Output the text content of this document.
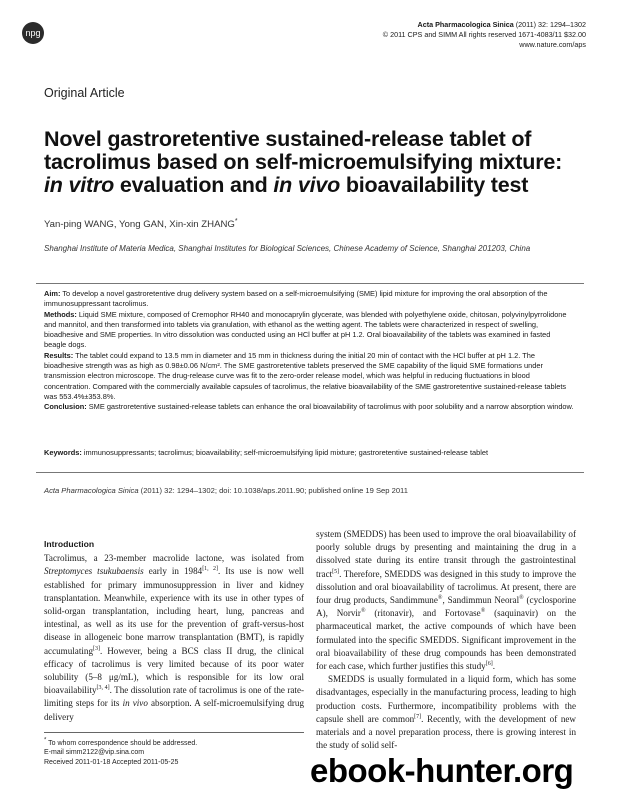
npg
Acta Pharmacologica Sinica (2011) 32: 1294–1302
© 2011 CPS and SIMM All rights reserved 1671-4083/11 $32.00
www.nature.com/aps
Original Article
Novel gastroretentive sustained-release tablet of
tacrolimus based on self-microemulsifying mixture:
in vitro evaluation and in vivo bioavailability test
Yan-ping WANG, Yong GAN, Xin-xin ZHANG*
Shanghai Institute of Materia Medica, Shanghai Institutes for Biological Sciences, Chinese Academy of Science, Shanghai 201203, China

Aim: To develop a novel gastroretentive drug delivery system based on a self-microemulsifying (SME) lipid mixture for improving the oral absorption of the immunosuppressant tacrolimus.

Methods: Liquid SME mixture, composed of Cremophor RH40 and monocaprylin glycerate, was blended with polyethylene oxide, chitosan, polyvinylpyrrolidone and mannitol, and then transformed into tablets via granulation, with ethanol as the wetting agent. The tablets were characterized in respect of swelling, bioadhesive and SME properties. In vitro dissolution was conducted using an HCl buffer at pH 1.2. Oral bioavailability of the tablets was examined in fasted beagle dogs.

Results: The tablet could expand to 13.5 mm in diameter and 15 mm in thickness during the initial 20 min of contact with the HCl buffer at pH 1.2. The bioadhesive strength was as high as 0.98±0.06 N/cm². The SME gastroretentive tablets preserved the SME capability of the liquid SME formations under transmission electron microscope. The drug-release curve was fit to the zero-order release model, which was helpful in reducing fluctuations in blood concentration. Compared with the commercially available capsules of tacrolimus, the relative bioavailability of the SME gastroretentive sustained-release tablets was 553.4%±353.8%.

Conclusion: SME gastroretentive sustained-release tablets can enhance the oral bioavailability of tacrolimus with poor solubility and a narrow absorption window.

Keywords: immunosuppressants; tacrolimus; bioavailability; self-microemulsifying lipid mixture; gastroretentive sustained-release tablet
Acta Pharmacologica Sinica (2011) 32: 1294–1302; doi: 10.1038/aps.2011.90; published online 19 Sep 2011
Introduction

Tacrolimus, a 23-member macrolide lactone, was isolated from Streptomyces tsukubaensis early in 1984[1, 2]. Its use is now well established for primary immunosuppression in liver and kidney transplantation. Meanwhile, experience with its use in other types of solid-organ transplantation, including heart, lung, pancreas and intestinal, as well as its use for the prevention of graft-versus-host disease in allogeneic bone marrow transplantation (BMT), is rapidly accumulating[3]. However, being a BCS class II drug, the clinical efficacy of tacrolimus is very limited because of its poor water solubility (5–8 μg/mL), which is responsible for its low oral bioavailability[3, 4]. The dissolution rate of tacrolimus is one of the rate-limiting steps for its in vivo absorption. A self-microemulsifying drug delivery

system (SMEDDS) has been used to improve the oral bioavailability of poorly soluble drugs by presenting and maintaining the drug in a dissolved state during its entire transit through the gastrointestinal tract[5]. Therefore, SMEDDS was designed in this study to improve the dissolution and oral bioavailability of tacrolimus. At present, there are four drug products, Sandimmune®, Sandimmun Neoral® (cyclosporine A), Norvir® (ritonavir), and Fortovase® (saquinavir) on the pharmaceutical market, the active compounds of which have been formulated into the specific SMEDDS. Significant improvement in the oral bioavailability of these drug compounds has been demonstrated for each case, which further justifies this study[6].

SMEDDS is usually formulated in a liquid form, which has some disadvantages, especially in the manufacturing process, leading to high production costs. Furthermore, incompatibility problems with the capsule shell are common[7]. Recently, with the development of new materials and a novel preparation process, there is growing interest in the study of solid self-

* To whom correspondence should be addressed.
E-mail simm2122@vip.sina.com
Received 2011-01-18 Accepted 2011-05-25	ebook-hunter.org
